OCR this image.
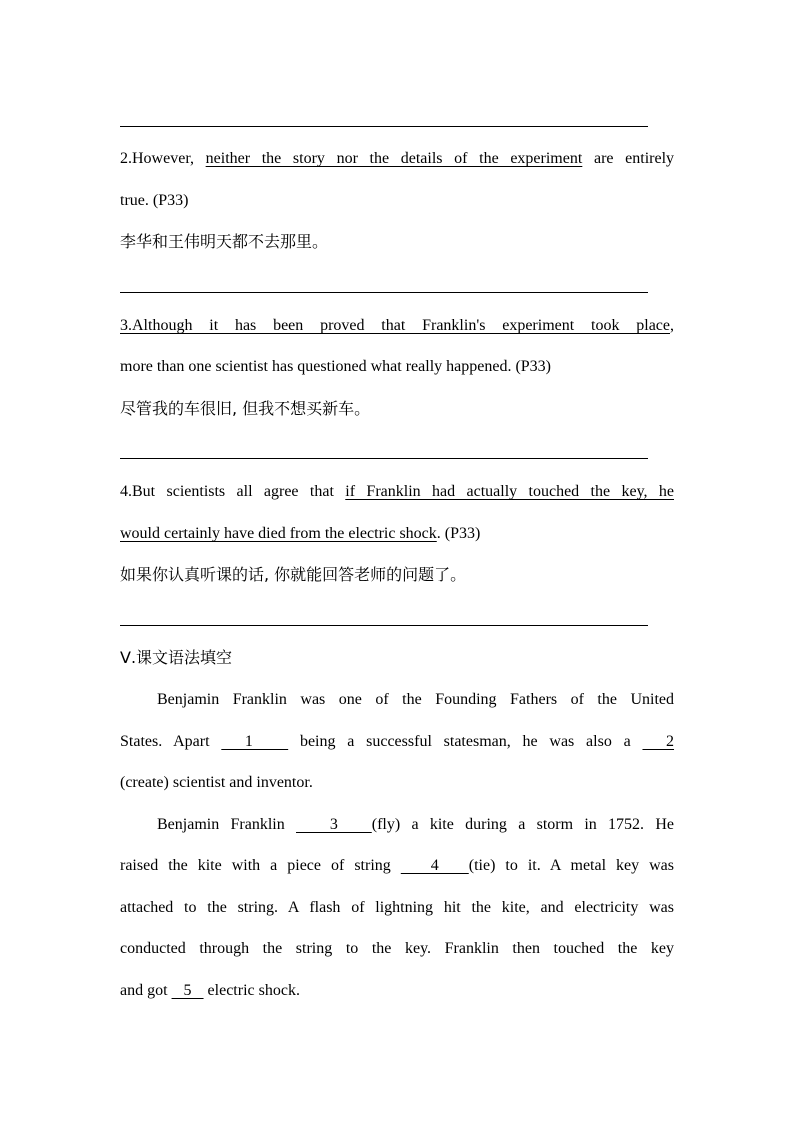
2.However, neither the story nor the details of the experiment are entirely
true. (P33)
李华和王伟明天都不去那里。
3.Although it has been proved that Franklin's experiment took place,
more than one scientist has questioned what really happened. (P33)
尽管我的车很旧, 但我不想买新车。
4.But scientists all agree that if Franklin had actually touched the key, he
would certainly have died from the electric shock. (P33)
如果你认真听课的话, 你就能回答老师的问题了。
Ⅴ.课文语法填空
Benjamin Franklin was one of the Founding Fathers of the United
States. Apart   1    being a successful statesman, he was also a   2
(create) scientist and inventor.
Benjamin Franklin    3   (fly) a kite during a storm in 1752. He
raised the kite with a piece of string    4   (tie) to it. A metal key was
attached to the string. A flash of lightning hit the kite, and electricity was
conducted through the string to the key. Franklin then touched the key
and got    5    electric shock.
